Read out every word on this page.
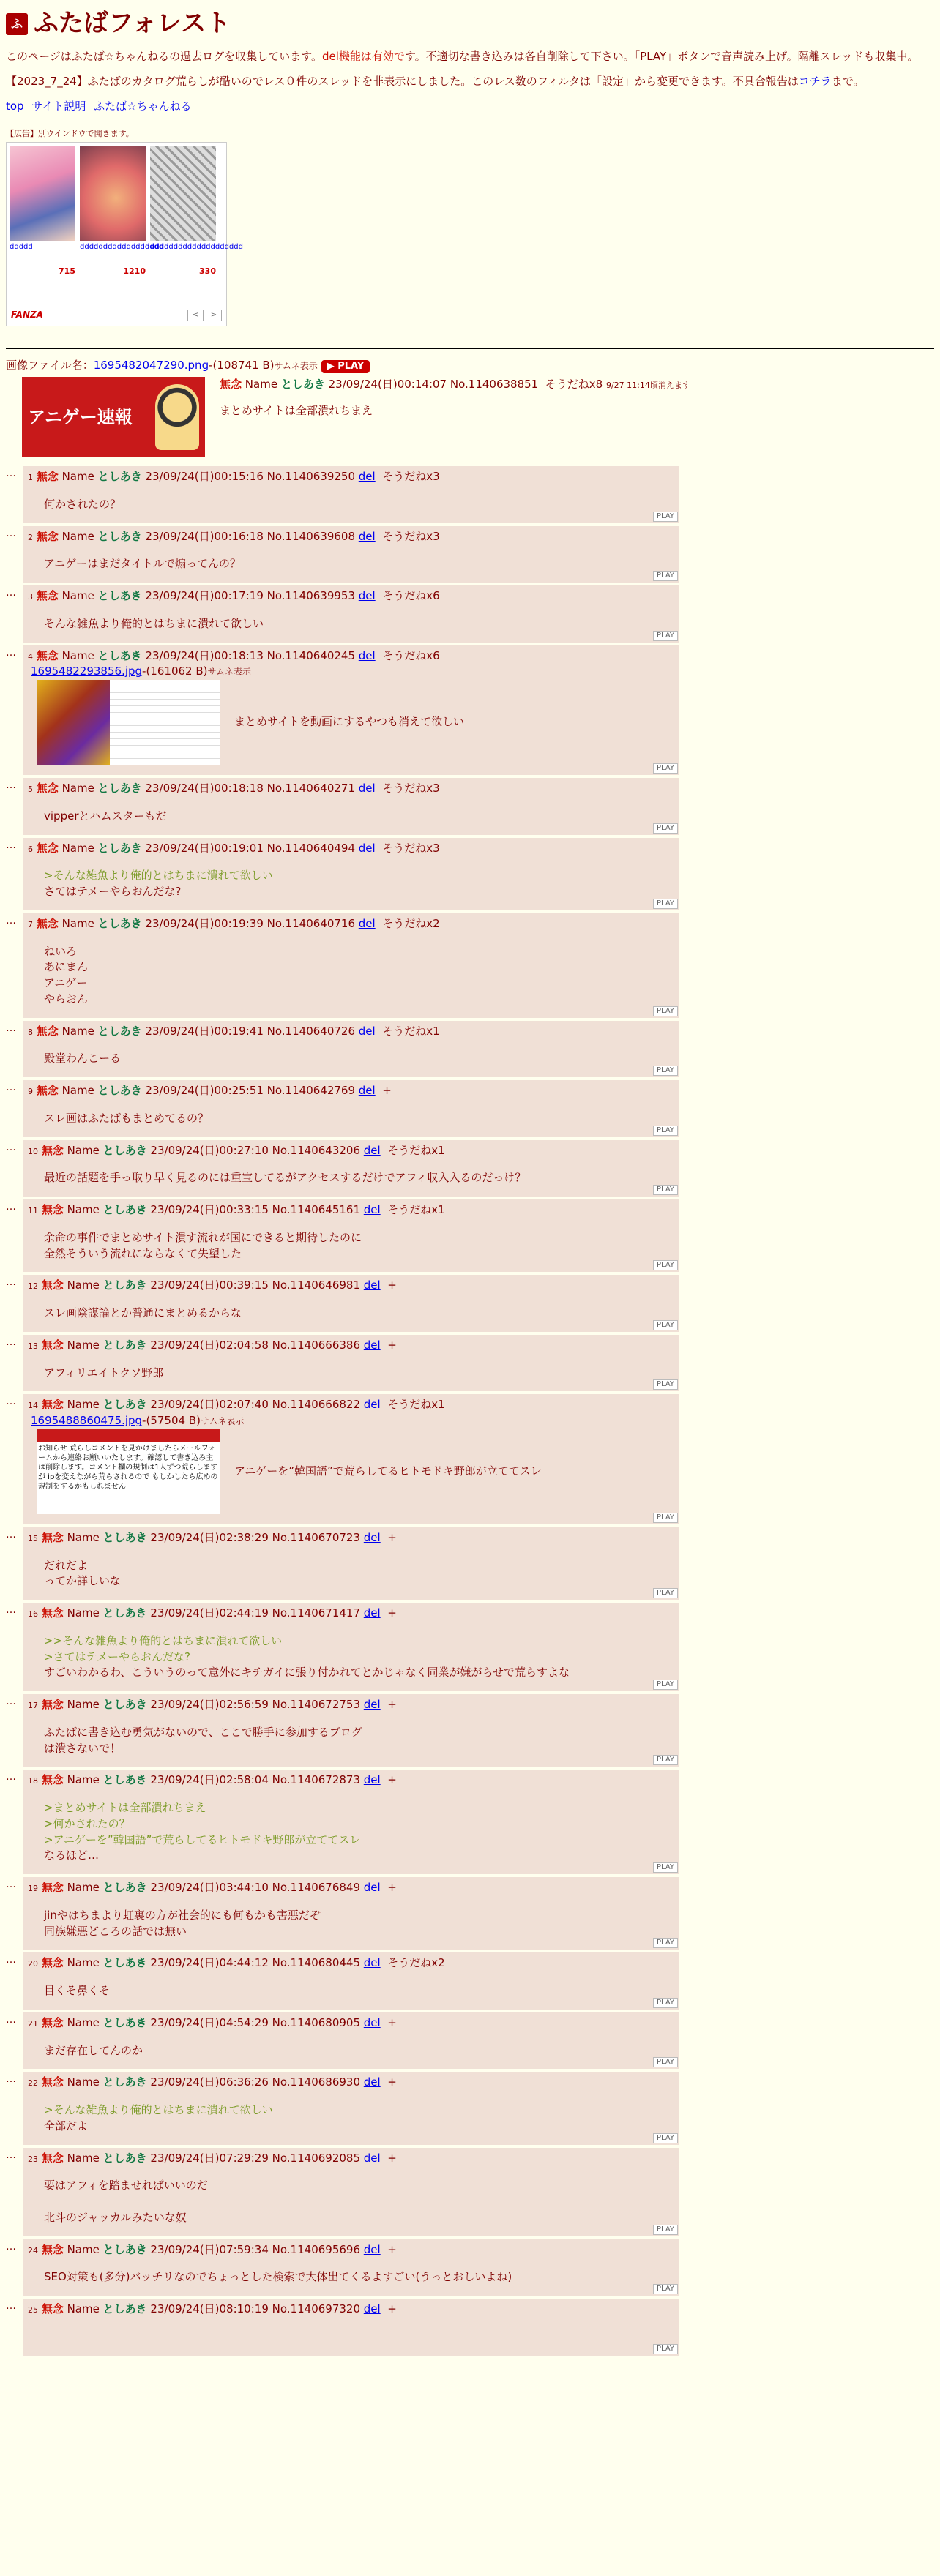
ふ ふたばフォレスト

このページはふたば☆ちゃんねるの過去ログを収集しています。del機能は有効です。不適切な書き込みは各自削除して下さい。「PLAY」ボタンで音声読み上げ。隔離スレッドも収集中。

【2023_7_24】ふたばのカタログ荒らしが酷いのでレス０件のスレッドを非表示にしました。このレス数のフィルタは「設定」から変更できます。不具合報告はコチラまで。

top サイト説明 ふたば☆ちゃんねる
【広告】別ウインドウで開きます。
ddddd
715
dddddddddddddddddd
1210
dddddddddddddddddddd
330
FANZA	<	>
画像ファイル名：1695482047290.png-(108741 B)サムネ表示 ▶ PLAY
アニゲー速報
無念 Name としあき 23/09/24(日)00:14:07 No.1140638851 そうだねx8 9/27 11:14頃消えます
まとめサイトは全部潰れちまえ
…	1 無念 Name としあき 23/09/24(日)00:15:16 No.1140639250 del そうだねx3
何かされたの？
PLAY
…	2 無念 Name としあき 23/09/24(日)00:16:18 No.1140639608 del そうだねx3
アニゲーはまだタイトルで煽ってんの？
PLAY
…	3 無念 Name としあき 23/09/24(日)00:17:19 No.1140639953 del そうだねx6
そんな雑魚より俺的とはちまに潰れて欲しい
PLAY
…	4 無念 Name としあき 23/09/24(日)00:18:13 No.1140640245 del そうだねx6
1695482293856.jpg-(161062 B)サムネ表示
まとめサイトを動画にするやつも消えて欲しい
PLAY
…	5 無念 Name としあき 23/09/24(日)00:18:18 No.1140640271 del そうだねx3
vipperとハムスターもだ
PLAY
…	6 無念 Name としあき 23/09/24(日)00:19:01 No.1140640494 del そうだねx3
>そんな雑魚より俺的とはちまに潰れて欲しい
さてはテメーやらおんだな?
PLAY
…	7 無念 Name としあき 23/09/24(日)00:19:39 No.1140640716 del そうだねx2
ねいろ
あにまん
アニゲー
やらおん
PLAY
…	8 無念 Name としあき 23/09/24(日)00:19:41 No.1140640726 del そうだねx1
殿堂わんこーる
PLAY
…	9 無念 Name としあき 23/09/24(日)00:25:51 No.1140642769 del +
スレ画はふたばもまとめてるの？
PLAY
…	10 無念 Name としあき 23/09/24(日)00:27:10 No.1140643206 del そうだねx1
最近の話題を手っ取り早く見るのには重宝してるがアクセスするだけでアフィ収入入るのだっけ？
PLAY
…	11 無念 Name としあき 23/09/24(日)00:33:15 No.1140645161 del そうだねx1
余命の事件でまとめサイト潰す流れが国にできると期待したのに
全然そういう流れにならなくて失望した
PLAY
…	12 無念 Name としあき 23/09/24(日)00:39:15 No.1140646981 del +
スレ画陰謀論とか普通にまとめるからな
PLAY
…	13 無念 Name としあき 23/09/24(日)02:04:58 No.1140666386 del +
アフィリエイトクソ野郎
PLAY
…	14 無念 Name としあき 23/09/24(日)02:07:40 No.1140666822 del そうだねx1
1695488860475.jpg-(57504 B)サムネ表示
お知らせ 荒らしコメントを見かけましたらメールフォームから連絡お願いいたします。確認して書き込み主は削除します。コメント欄の規制は1人ずつ荒らしますが ipを変えながら荒らされるので もしかしたら広めの規制をするかもしれません
アニゲーを”韓国語”で荒らしてるヒトモドキ野郎が立ててスレ
PLAY
…	15 無念 Name としあき 23/09/24(日)02:38:29 No.1140670723 del +
だれだよ
ってか詳しいな
PLAY
…	16 無念 Name としあき 23/09/24(日)02:44:19 No.1140671417 del +
>>そんな雑魚より俺的とはちまに潰れて欲しい
>さてはテメーやらおんだな?
すごいわかるわ、こういうのって意外にキチガイに張り付かれてとかじゃなく同業が嫌がらせで荒らすよな
PLAY
…	17 無念 Name としあき 23/09/24(日)02:56:59 No.1140672753 del +
ふたばに書き込む勇気がないので、ここで勝手に参加するブログ
は潰さないで！
PLAY
…	18 無念 Name としあき 23/09/24(日)02:58:04 No.1140672873 del +
>まとめサイトは全部潰れちまえ
>何かされたの？
>アニゲーを”韓国語”で荒らしてるヒトモドキ野郎が立ててスレ
なるほど…
PLAY
…	19 無念 Name としあき 23/09/24(日)03:44:10 No.1140676849 del +
jinやはちまより虹裏の方が社会的にも何もかも害悪だぞ
同族嫌悪どころの話では無い
PLAY
…	20 無念 Name としあき 23/09/24(日)04:44:12 No.1140680445 del そうだねx2
目くそ鼻くそ
PLAY
…	21 無念 Name としあき 23/09/24(日)04:54:29 No.1140680905 del +
まだ存在してんのか
PLAY
…	22 無念 Name としあき 23/09/24(日)06:36:26 No.1140686930 del +
>そんな雑魚より俺的とはちまに潰れて欲しい
全部だよ
PLAY
…	23 無念 Name としあき 23/09/24(日)07:29:29 No.1140692085 del +
要はアフィを踏ませればいいのだ

北斗のジャッカルみたいな奴
PLAY
…	24 無念 Name としあき 23/09/24(日)07:59:34 No.1140695696 del +
SEO対策も(多分)バッチリなのでちょっとした検索で大体出てくるよすごい(うっとおしいよね)
PLAY
…	25 無念 Name としあき 23/09/24(日)08:10:19 No.1140697320 del +

PLAY
